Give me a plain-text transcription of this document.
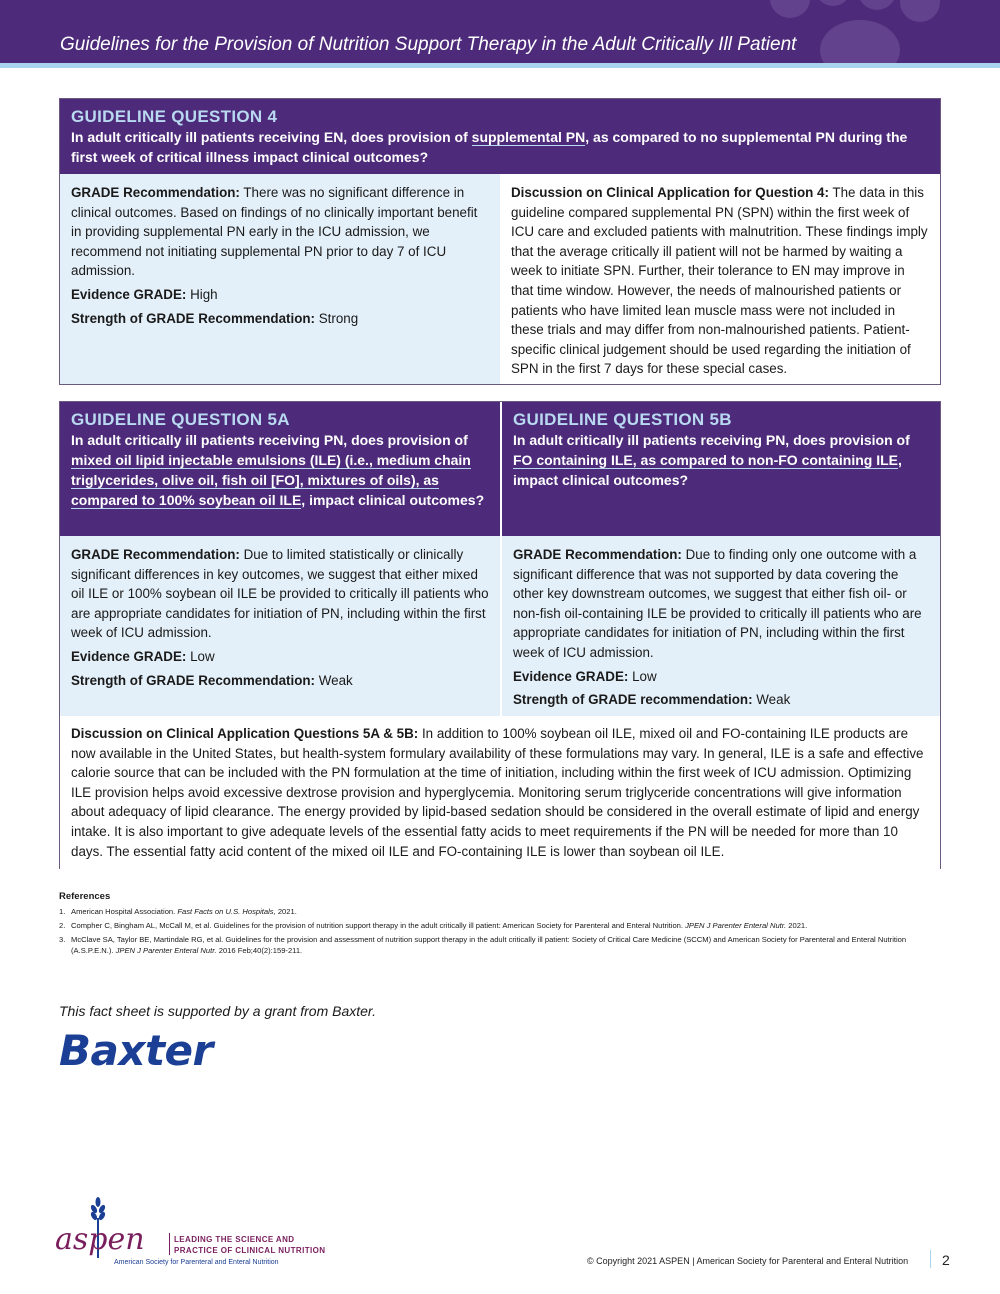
Guidelines for the Provision of Nutrition Support Therapy in the Adult Critically Ill Patient
GUIDELINE QUESTION 4
In adult critically ill patients receiving EN, does provision of supplemental PN, as compared to no supplemental PN during the first week of critical illness impact clinical outcomes?

GRADE Recommendation: There was no significant difference in clinical outcomes. Based on findings of no clinically important benefit in providing supplemental PN early in the ICU admission, we recommend not initiating supplemental PN prior to day 7 of ICU admission.

Evidence GRADE: High

Strength of GRADE Recommendation: Strong

Discussion on Clinical Application for Question 4: The data in this guideline compared supplemental PN (SPN) within the first week of ICU care and excluded patients with malnutrition. These findings imply that the average critically ill patient will not be harmed by waiting a week to initiate SPN. Further, their tolerance to EN may improve in that time window. However, the needs of malnourished patients or patients who have limited lean muscle mass were not included in these trials and may differ from non-malnourished patients. Patient-specific clinical judgement should be used regarding the initiation of SPN in the first 7 days for these special cases.

GUIDELINE QUESTION 5A
In adult critically ill patients receiving PN, does provision of mixed oil lipid injectable emulsions (ILE) (i.e., medium chain triglycerides, olive oil, fish oil [FO], mixtures of oils), as compared to 100% soybean oil ILE, impact clinical outcomes?
GUIDELINE QUESTION 5B
In adult critically ill patients receiving PN, does provision of FO containing ILE, as compared to non-FO containing ILE, impact clinical outcomes?

GRADE Recommendation: Due to limited statistically or clinically significant differences in key outcomes, we suggest that either mixed oil ILE or 100% soybean oil ILE be provided to critically ill patients who are appropriate candidates for initiation of PN, including within the first week of ICU admission.

Evidence GRADE: Low

Strength of GRADE Recommendation: Weak

GRADE Recommendation: Due to finding only one outcome with a significant difference that was not supported by data covering the other key downstream outcomes, we suggest that either fish oil- or non-fish oil-containing ILE be provided to critically ill patients who are appropriate candidates for initiation of PN, including within the first week of ICU admission.

Evidence GRADE: Low

Strength of GRADE recommendation: Weak

Discussion on Clinical Application Questions 5A & 5B: In addition to 100% soybean oil ILE, mixed oil and FO-containing ILE products are now available in the United States, but health-system formulary availability of these formulations may vary. In general, ILE is a safe and effective calorie source that can be included with the PN formulation at the time of initiation, including within the first week of ICU admission. Optimizing ILE provision helps avoid excessive dextrose provision and hyperglycemia. Monitoring serum triglyceride concentrations will give information about adequacy of lipid clearance. The energy provided by lipid-based sedation should be considered in the overall estimate of lipid and energy intake. It is also important to give adequate levels of the essential fatty acids to meet requirements if the PN will be needed for more than 10 days. The essential fatty acid content of the mixed oil ILE and FO-containing ILE is lower than soybean oil ILE.

References
1. American Hospital Association. Fast Facts on U.S. Hospitals, 2021.
2. Compher C, Bingham AL, McCall M, et al. Guidelines for the provision of nutrition support therapy in the adult critically ill patient: American Society for Parenteral and Enteral Nutrition. JPEN J Parenter Enteral Nutr. 2021.
3. McClave SA, Taylor BE, Martindale RG, et al. Guidelines for the provision and assessment of nutrition support therapy in the adult critically ill patient: Society of Critical Care Medicine (SCCM) and American Society for Parenteral and Enteral Nutrition (A.S.P.E.N.). JPEN J Parenter Enteral Nutr. 2016 Feb;40(2):159-211.
This fact sheet is supported by a grant from Baxter.
Baxter
aspen	LEADING THE SCIENCE AND
PRACTICE OF CLINICAL NUTRITION
American Society for Parenteral and Enteral Nutrition	© Copyright 2021 ASPEN | American Society for Parenteral and Enteral Nutrition 2
